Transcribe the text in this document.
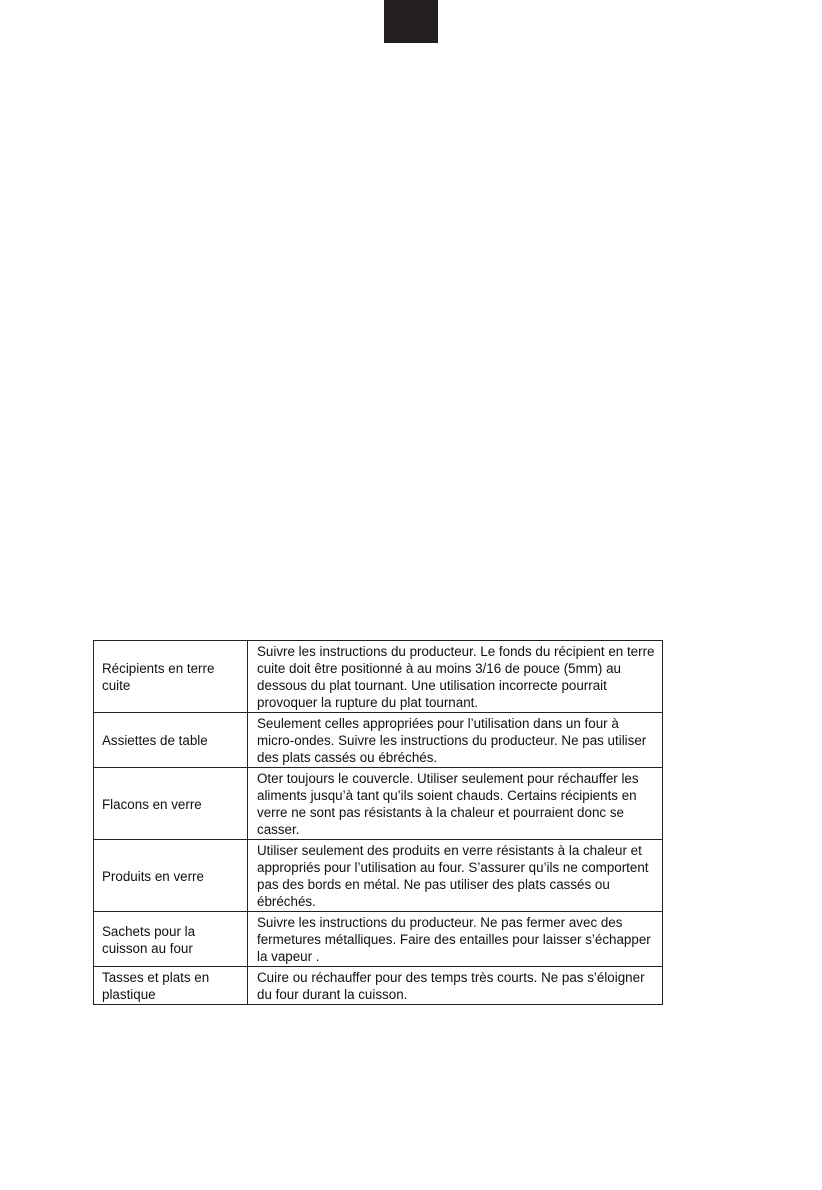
Récipients en terre cuite	Suivre les instructions du producteur. Le fonds du récipient en terre cuite doit être positionné à au moins 3/16 de pouce (5mm) au dessous du plat tournant. Une utilisation incorrecte pourrait provoquer la rupture du plat tournant.
Assiettes de table	Seulement celles appropriées pour l’utilisation dans un four à micro-ondes. Suivre les instructions du producteur. Ne pas utiliser des plats cassés ou ébréchés.
Flacons en verre	Oter toujours le couvercle. Utiliser seulement pour réchauffer les aliments jusqu’à tant qu’ils soient chauds. Certains récipients en verre ne sont pas résistants à la chaleur et pourraient donc se casser.
Produits en verre	Utiliser seulement des produits en verre résistants à la chaleur et appropriés pour l’utilisation au four. S’assurer qu’ils ne comportent pas des bords en métal. Ne pas utiliser des plats cassés ou ébréchés.
Sachets pour la cuisson au four	Suivre les instructions du producteur. Ne pas fermer avec des fermetures métalliques. Faire des entailles pour laisser s’échapper la vapeur .
Tasses et plats en plastique	Cuire ou réchauffer pour des temps très courts. Ne pas s’éloigner du four durant la cuisson.
